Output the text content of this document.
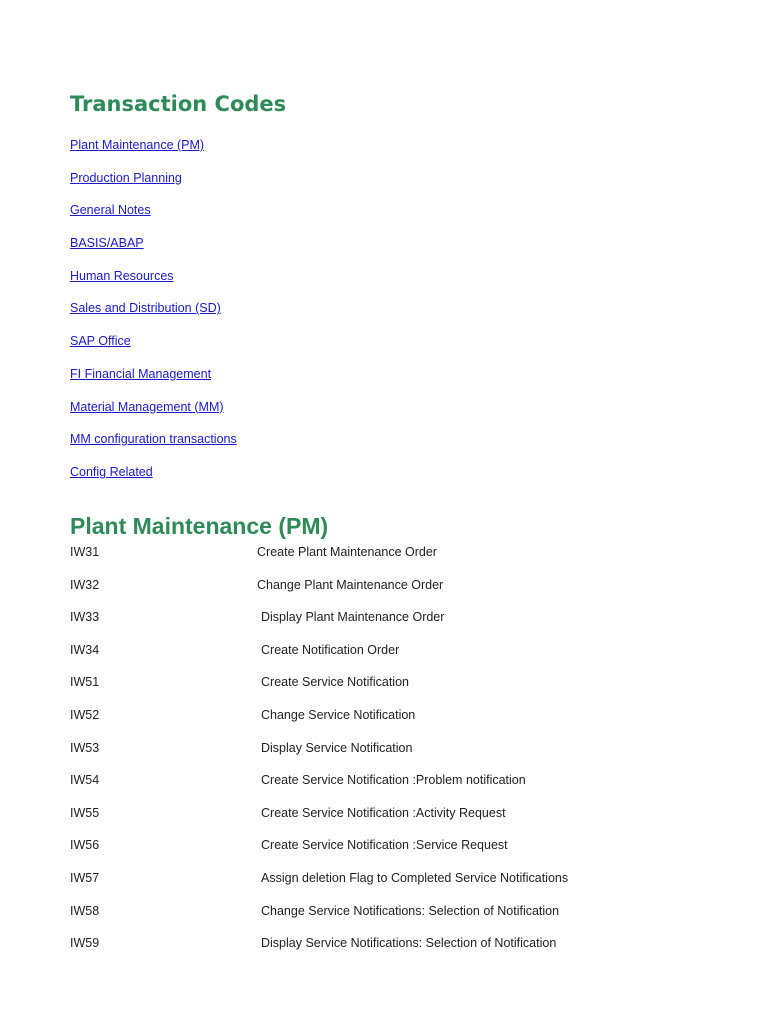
Transaction Codes
Plant Maintenance (PM)
Production Planning
General Notes
BASIS/ABAP
Human Resources
Sales and Distribution (SD)
SAP Office
FI Financial Management
Material Management (MM)
MM configuration transactions
Config Related
Plant Maintenance (PM)
IW31	Create Plant Maintenance Order
IW32	Change Plant Maintenance Order
IW33	Display Plant Maintenance Order
IW34	Create Notification Order
IW51	Create Service Notification
IW52	Change Service Notification
IW53	Display Service Notification
IW54	Create Service Notification :Problem notification
IW55	Create Service Notification :Activity Request
IW56	Create Service Notification :Service Request
IW57	Assign deletion Flag to Completed Service Notifications
IW58	Change Service Notifications: Selection of Notification
IW59	Display Service Notifications: Selection of Notification
